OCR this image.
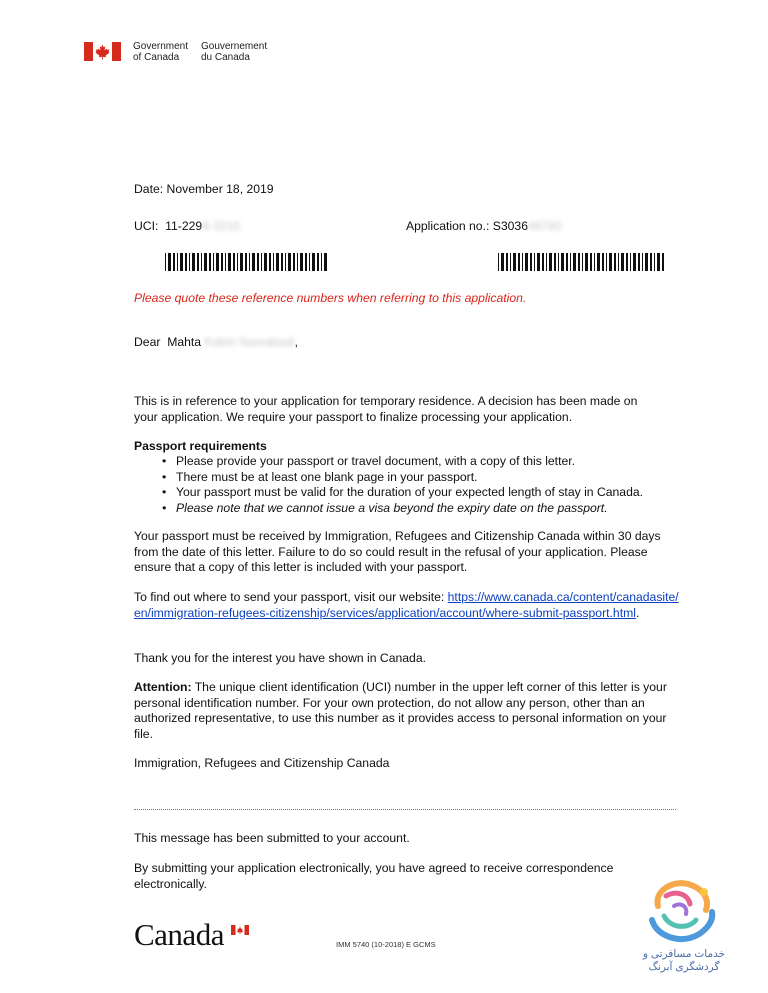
Government
of Canada
Gouvernement
du Canada
Date: November 18, 2019
UCI: 11-2298-3215	Application no.: S303648780
Please quote these reference numbers when referring to this application.
Dear Mahta Kabiri Nasrabadi,
This is in reference to your application for temporary residence. A decision has been made on your application. We require your passport to finalize processing your application.
Passport requirements
• Please provide your passport or travel document, with a copy of this letter.
• There must be at least one blank page in your passport.
• Your passport must be valid for the duration of your expected length of stay in Canada.
• Please note that we cannot issue a visa beyond the expiry date on the passport.
Your passport must be received by Immigration, Refugees and Citizenship Canada within 30 days from the date of this letter. Failure to do so could result in the refusal of your application. Please ensure that a copy of this letter is included with your passport.
To find out where to send your passport, visit our website: https://www.canada.ca/content/canadasite/
en/immigration-refugees-citizenship/services/application/account/where-submit-passport.html.
Thank you for the interest you have shown in Canada.
Attention: The unique client identification (UCI) number in the upper left corner of this letter is your personal identification number. For your own protection, do not allow any person, other than an authorized representative, to use this number as it provides access to personal information on your file.
Immigration, Refugees and Citizenship Canada
This message has been submitted to your account.
By submitting your application electronically, you have agreed to receive correspondence electronically.
Canada	IMM 5740 (10-2018) E GCMS
خدمات مسافرتی و
گردشگری آبرنگ
